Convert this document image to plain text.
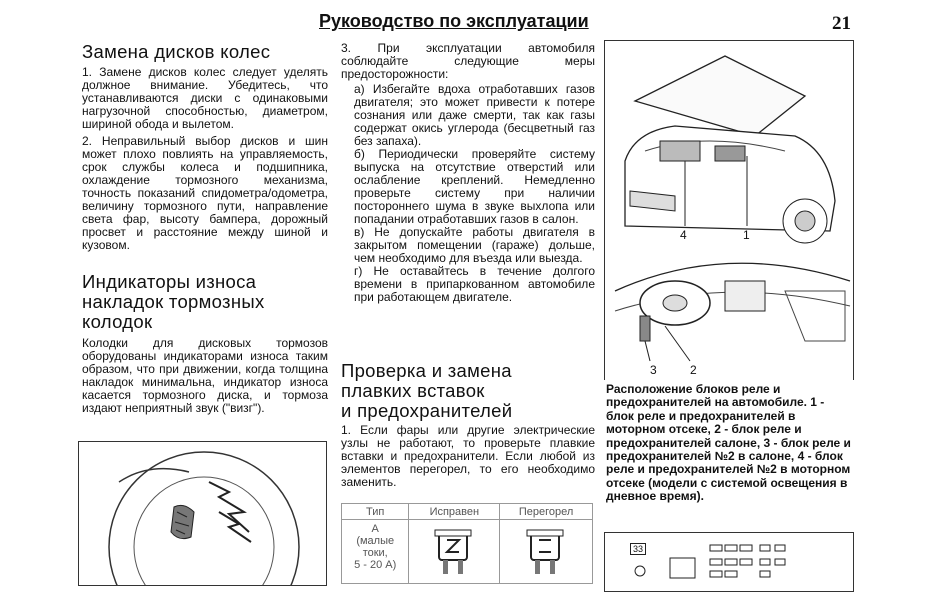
Руководство по эксплуатации	21
Замена дисков колес

1. Замене дисков колес следует уделять должное внимание. Убедитесь, что устанавливаются диски с одинаковыми нагрузочной способностью, диаметром, шириной обода и вылетом.

2. Неправильный выбор дисков и шин может плохо повлиять на управляемость, срок службы колеса и подшипника, охлаждение тормозного механизма, точность показаний спидометра/одометра, величину тормозного пути, направление света фар, высоту бампера, дорожный просвет и расстояние между шиной и кузовом.

Индикаторы износа
накладок тормозных
колодок

Колодки для дисковых тормозов оборудованы индикаторами износа таким образом, что при движении, когда толщина накладок минимальна, индикатор износа касается тормозного диска, и тормоза издают неприятный звук ("визг").

3. При эксплуатации автомобиля соблюдайте следующие меры предосторожности:

а) Избегайте вдоха отработавших газов двигателя; это может привести к потере сознания или даже смерти, так как газы содержат окись углерода (бесцветный газ без запаха).

б) Периодически проверяйте систему выпуска на отсутствие отверстий или ослабление креплений. Немедленно проверьте систему при наличии постороннего шума в звуке выхлопа или попадании отработавших газов в салон.

в) Не допускайте работы двигателя в закрытом помещении (гараже) дольше, чем необходимо для въезда или выезда.

г) Не оставайтесь в течение долгого времени в припаркованном автомобиле при работающем двигателе.

Проверка и замена
плавких вставок
и предохранителей

1. Если фары или другие электрические узлы не работают, то проверьте плавкие вставки и предохранители. Если любой из элементов перегорел, то его необходимо заменить.

Тип	Исправен	Перегорел

А
(малые
токи,
5 - 20 А)

4	1
3	2
Расположение блоков реле и предохранителей на автомобиле. 1 - блок реле и предохранителей в моторном отсеке, 2 - блок реле и предохранителей салоне, 3 - блок реле и предохранителей №2 в салоне, 4 - блок реле и предохранителей №2 в моторном отсеке (модели с системой освещения в дневное время).
33
